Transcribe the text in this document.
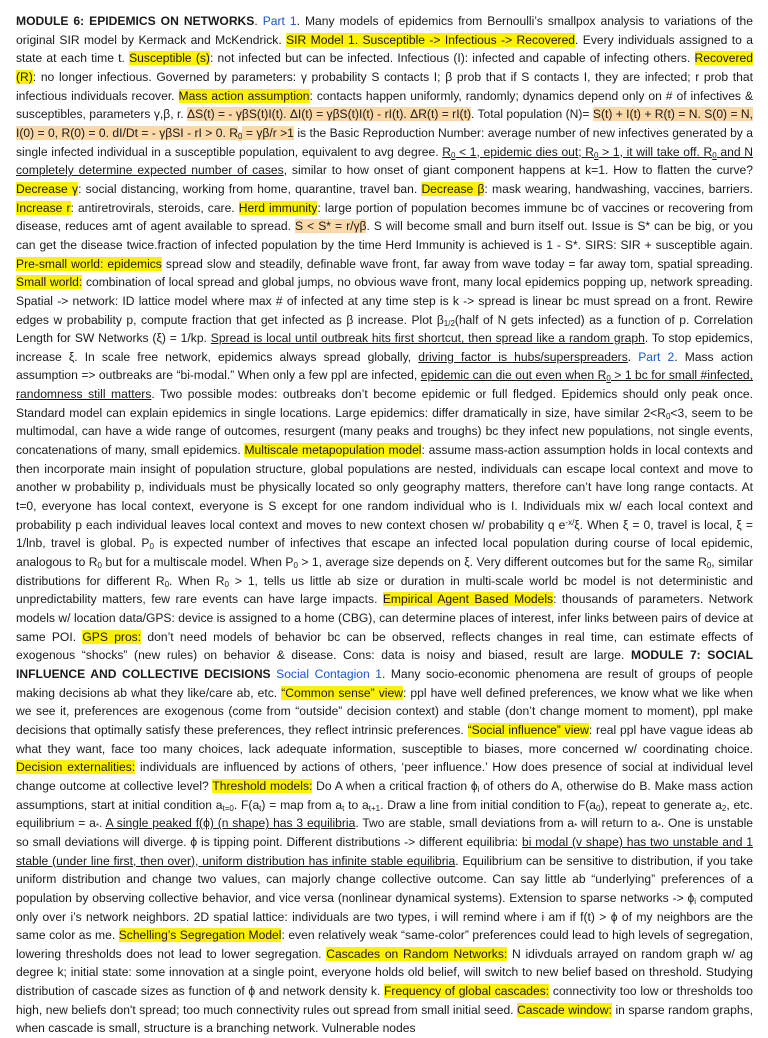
MODULE 6: EPIDEMICS ON NETWORKS. Part 1. Many models of epidemics from Bernoulli’s smallpox analysis to variations of the original SIR model by Kermack and McKendrick. SIR Model 1. Susceptible -> Infectious -> Recovered. Every individuals assigned to a state at each time t. Susceptible (s): not infected but can be infected. Infectious (I): infected and capable of infecting others. Recovered (R): no longer infectious. Governed by parameters: γ probability S contacts I; β prob that if S contacts I, they are infected; r prob that infectious individuals recover. Mass action assumption: contacts happen uniformly, randomly; dynamics depend only on # of infectives & susceptibles, parameters γ,β, r. ΔS(t) = - γβS(t)I(t). ΔI(t) = γβS(t)I(t) - rI(t). ΔR(t) = rI(t). Total population (N)= S(t) + I(t) + R(t) = N. S(0) = N, I(0) = 0, R(0) = 0. dI/Dt = - γβSI - rI > 0. $R_0 = \gamma\beta/r >1$ is the Basic Reproduction Number: average number of new infectives generated by a single infected individual in a susceptible population, equivalent to avg degree. $R_0 < 1$, epidemic dies out; $R_0 > 1$, it will take off. $R_0$ and N completely determine expected number of cases, similar to how onset of giant component happens at k=1. How to flatten the curve? Decrease γ: social distancing, working from home, quarantine, travel ban. Decrease β: mask wearing, handwashing, vaccines, barriers. Increase r: antiretrovirals, steroids, care. Herd immunity: large portion of population becomes immune bc of vaccines or recovering from disease, reduces amt of agent available to spread. S < S* = r/γβ. S will become small and burn itself out. Issue is S* can be big, or you can get the disease twice.fraction of infected population by the time Herd Immunity is achieved is 1 - S*. SIRS: SIR + susceptible again. Pre-small world: epidemics spread slow and steadily, definable wave front, far away from wave today = far away tom, spatial spreading. Small world: combination of local spread and global jumps, no obvious wave front, many local epidemics popping up, network spreading. Spatial -> network: ID lattice model where max # of infected at any time step is k -> spread is linear bc must spread on a front. Rewire edges w probability p, compute fraction that get infected as β increase. Plot $\beta_{1/2}(half$ of N gets infected) as a function of p. Correlation Length for SW Networks (ξ) = 1/kp. Spread is local until outbreak hits first shortcut, then spread like a random graph. To stop epidemics, increase ξ. In scale free network, epidemics always spread globally, driving factor is hubs/superspreaders. Part 2. Mass action assumption => outbreaks are “bi-modal.” When only a few ppl are infected, epidemic can die out even when $R_0 > 1$ bc for small #infected, randomness still matters. Two possible modes: outbreaks don’t become epidemic or full fledged. Epidemics should only peak once. Standard model can explain epidemics in single locations. Large epidemics: differ dramatically in size, have similar $2<R_0<3$, seem to be multimodal, can have a wide range of outcomes, resurgent (many peaks and troughs) bc they infect new populations, not single events, concatenations of many, small epidemics. Multiscale metapopulation model: assume mass-action assumption holds in local contexts and then incorporate main insight of population structure, global populations are nested, individuals can escape local context and move to another w probability p, individuals must be physically located so only geography matters, therefore can’t have long range contacts. At t=0, everyone has local context, everyone is S except for one random individual who is I. Individuals mix w/ each local context and probability p each individual leaves local context and moves to new context chosen w/ probability q $e^{-x/}\xi$. When ξ = 0, travel is local, ξ = 1/lnb, travel is global. $P_0$ is expected number of infectives that escape an infected local population during course of local epidemic, analogous to $R_0$ but for a multiscale model. When $P_0 > 1$, average size depends on ξ. Very different outcomes but for the same $R_0$, similar distributions for different $R_0$. When $R_0 > 1$, tells us little ab size or duration in multi-scale world bc model is not deterministic and unpredictability matters, few rare events can have large impacts. Empirical Agent Based Models: thousands of parameters. Network models w/ location data/GPS: device is assigned to a home (CBG), can determine places of interest, infer links between pairs of device at same POI. GPS pros: don’t need models of behavior bc can be observed, reflects changes in real time, can estimate effects of exogenous “shocks” (new rules) on behavior & disease. Cons: data is noisy and biased, result are large. MODULE 7: SOCIAL INFLUENCE AND COLLECTIVE DECISIONS Social Contagion 1. Many socio-economic phenomena are result of groups of people making decisions ab what they like/care ab, etc. “Common sense” view: ppl have well defined preferences, we know what we like when we see it, preferences are exogenous (come from “outside” decision context) and stable (don’t change moment to moment), ppl make decisions that optimally satisfy these preferences, they reflect intrinsic preferences. “Social influence” view: real ppl have vague ideas ab what they want, face too many choices, lack adequate information, susceptible to biases, more concerned w/ coordinating choice. Decision externalities: individuals are influenced by actions of others, ‘peer influence.’ How does presence of social at individual level change outcome at collective level? Threshold models: Do A when a critical fraction $\phi_i$ of others do A, otherwise do B. Make mass action assumptions, start at initial condition $a_{t=0}$. $F(a_t)$ = map from $a_t$ to $a_{t+1}$. Draw a line from initial condition to $F(a_0)$, repeat to generate $a_2$, etc. equilibrium = $a_*$. A single peaked f(ϕ) (n shape) has 3 equilibria. Two are stable, small deviations from $a_*$ will return to $a_*$. One is unstable so small deviations will diverge. ϕ is tipping point. Different distributions -> different equilibria: bi modal (v shape) has two unstable and 1 stable (under line first, then over), uniform distribution has infinite stable equilibria. Equilibrium can be sensitive to distribution, if you take uniform distribution and change two values, can majorly change collective outcome. Can say little ab “underlying” preferences of a population by observing collective behavior, and vice versa (nonlinear dynamical systems). Extension to sparse networks -> $\phi_i$ computed only over i’s network neighbors. 2D spatial lattice: individuals are two types, i will remind where i am if f(t) > ϕ of my neighbors are the same color as me. Schelling’s Segregation Model: even relatively weak “same-color” preferences could lead to high levels of segregation, lowering thresholds does not lead to lower segregation. Cascades on Random Networks: N idivduals arrayed on random graph w/ ag degree k; initial state: some innovation at a single point, everyone holds old belief, will switch to new belief based on threshold. Studying distribution of cascade sizes as function of ϕ and network density k. Frequency of global cascades: connectivity too low or thresholds too high, new beliefs don't spread; too much connectivity rules out spread from small initial seed. Cascade window: in sparse random graphs, when cascade is small, structure is a branching network. Vulnerable nodes
